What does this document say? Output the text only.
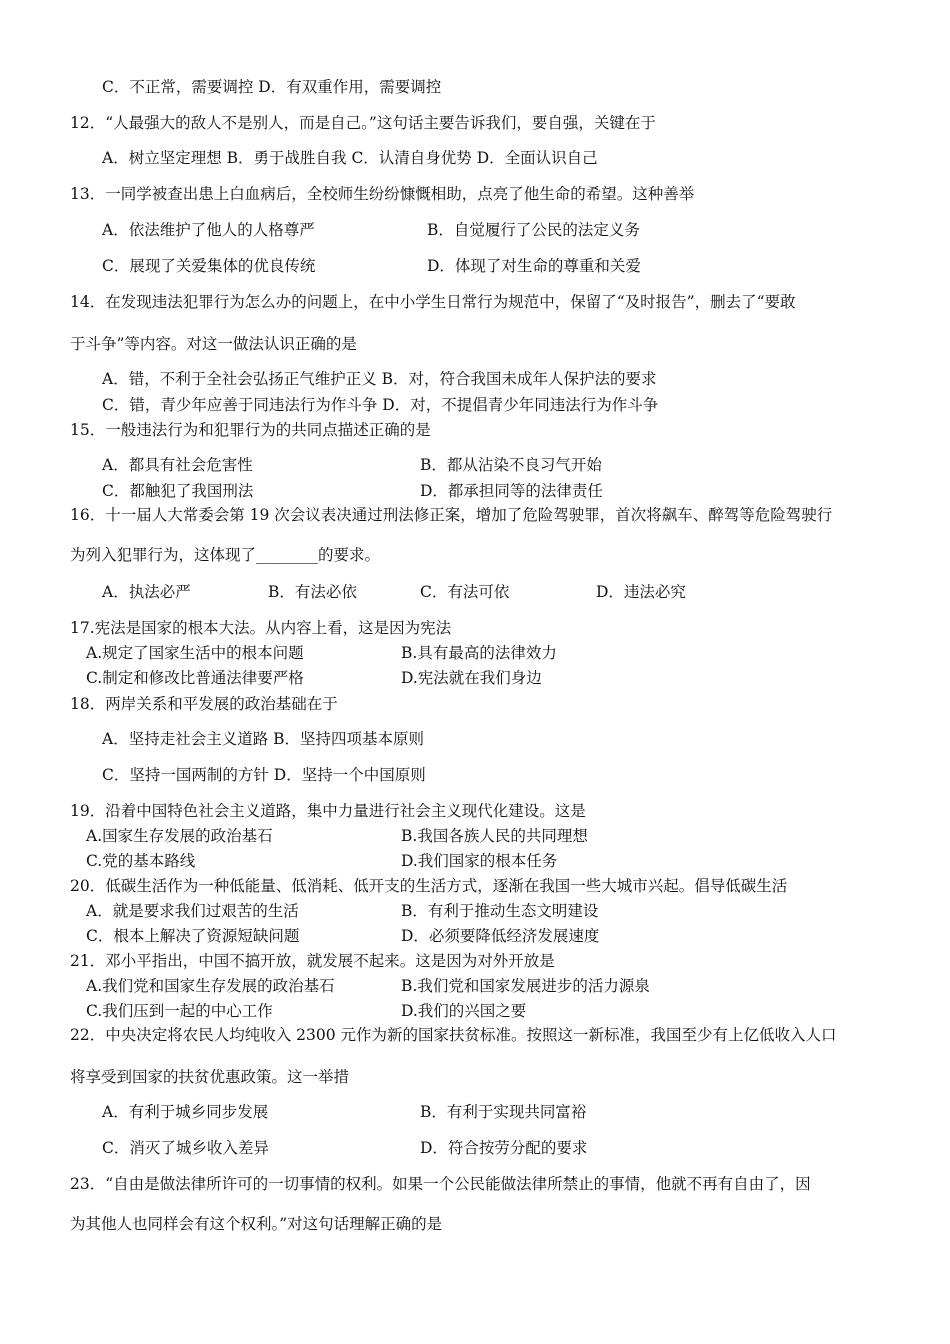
C．不正常，需要调控 D．有双重作用，需要调控
12．“人最强大的敌人不是别人，而是自己。”这句话主要告诉我们，要自强，关键在于
A．树立坚定理想 B．勇于战胜自我 C．认清自身优势 D．全面认识自己
13．一同学被查出患上白血病后，全校师生纷纷慷慨相助，点亮了他生命的希望。这种善举
A．依法维护了他人的人格尊严	B．自觉履行了公民的法定义务
C．展现了关爱集体的优良传统	D．体现了对生命的尊重和关爱
14．在发现违法犯罪行为怎么办的问题上，在中小学生日常行为规范中，保留了“及时报告”，删去了“要敢
于斗争”等内容。对这一做法认识正确的是
A．错，不利于全社会弘扬正气维护正义 B．对，符合我国未成年人保护法的要求
C．错，青少年应善于同违法行为作斗争 D．对，不提倡青少年同违法行为作斗争
15．一般违法行为和犯罪行为的共同点描述正确的是
A．都具有社会危害性	B．都从沾染不良习气开始
C．都触犯了我国刑法	D．都承担同等的法律责任
16．十一届人大常委会第 19 次会议表决通过刑法修正案，增加了危险驾驶罪，首次将飙车、醉驾等危险驾驶行
为列入犯罪行为，这体现了________的要求。
A．执法必严	B．有法必依	C．有法可依	D．违法必究
17.宪法是国家的根本大法。从内容上看，这是因为宪法
A.规定了国家生活中的根本问题	B.具有最高的法律效力
C.制定和修改比普通法律要严格	D.宪法就在我们身边
18．两岸关系和平发展的政治基础在于
A．坚持走社会主义道路 B．坚持四项基本原则
C．坚持一国两制的方针 D．坚持一个中国原则
19．沿着中国特色社会主义道路，集中力量进行社会主义现代化建设。这是
A.国家生存发展的政治基石	B.我国各族人民的共同理想
C.党的基本路线	D.我们国家的根本任务
20．低碳生活作为一种低能量、低消耗、低开支的生活方式，逐渐在我国一些大城市兴起。倡导低碳生活
A．就是要求我们过艰苦的生活	B．有利于推动生态文明建设
C．根本上解决了资源短缺问题	D．必须要降低经济发展速度
21．邓小平指出，中国不搞开放，就发展不起来。这是因为对外开放是
A.我们党和国家生存发展的政治基石	B.我们党和国家发展进步的活力源泉
C.我们压到一起的中心工作	D.我们的兴国之要
22．中央决定将农民人均纯收入 2300 元作为新的国家扶贫标准。按照这一新标准，我国至少有上亿低收入人口
将享受到国家的扶贫优惠政策。这一举措
A．有利于城乡同步发展	B．有利于实现共同富裕
C．消灭了城乡收入差异	D．符合按劳分配的要求
23．“自由是做法律所许可的一切事情的权利。如果一个公民能做法律所禁止的事情，他就不再有自由了，因
为其他人也同样会有这个权利。”对这句话理解正确的是
